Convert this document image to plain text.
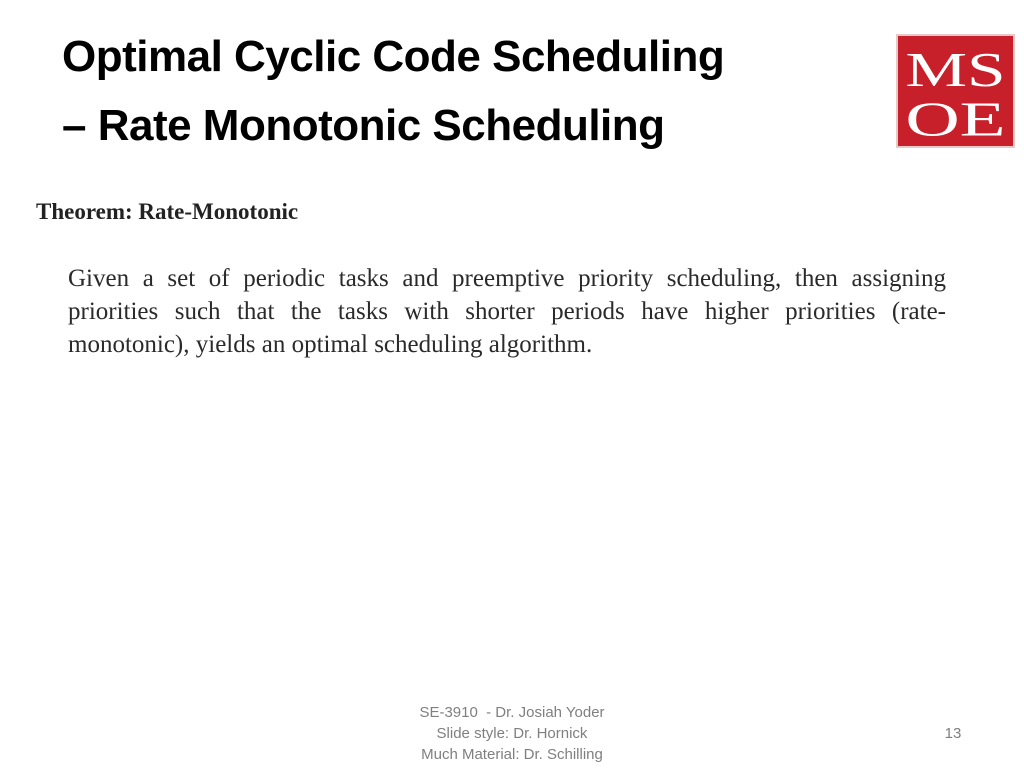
Optimal Cyclic Code Scheduling
– Rate Monotonic Scheduling
MS
OE
Theorem: Rate-Monotonic

Given a set of periodic tasks and preemptive priority scheduling, then assigning priorities such that the tasks with shorter periods have higher priorities (rate-monotonic), yields an optimal scheduling algorithm.

SE-3910  - Dr. Josiah Yoder
Slide style: Dr. Hornick
Much Material: Dr. Schilling
13
